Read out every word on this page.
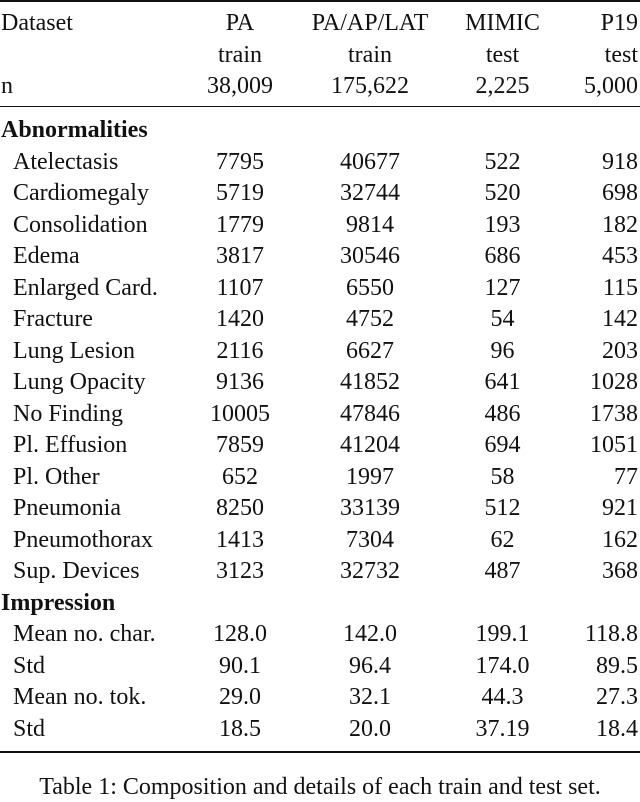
Dataset	PA	PA/AP/LAT	MIMIC	P19
	train	train	test	test
n	38,009	175,622	2,225	5,000
Abnormalities				
Atelectasis	7795	40677	522	918
Cardiomegaly	5719	32744	520	698
Consolidation	1779	9814	193	182
Edema	3817	30546	686	453
Enlarged Card.	1107	6550	127	115
Fracture	1420	4752	54	142
Lung Lesion	2116	6627	96	203
Lung Opacity	9136	41852	641	1028
No Finding	10005	47846	486	1738
Pl. Effusion	7859	41204	694	1051
Pl. Other	652	1997	58	77
Pneumonia	8250	33139	512	921
Pneumothorax	1413	7304	62	162
Sup. Devices	3123	32732	487	368
Impression				
Mean no. char.	128.0	142.0	199.1	118.8
Std	90.1	96.4	174.0	89.5
Mean no. tok.	29.0	32.1	44.3	27.3
Std	18.5	20.0	37.19	18.4
Table 1: Composition and details of each train and test set.
